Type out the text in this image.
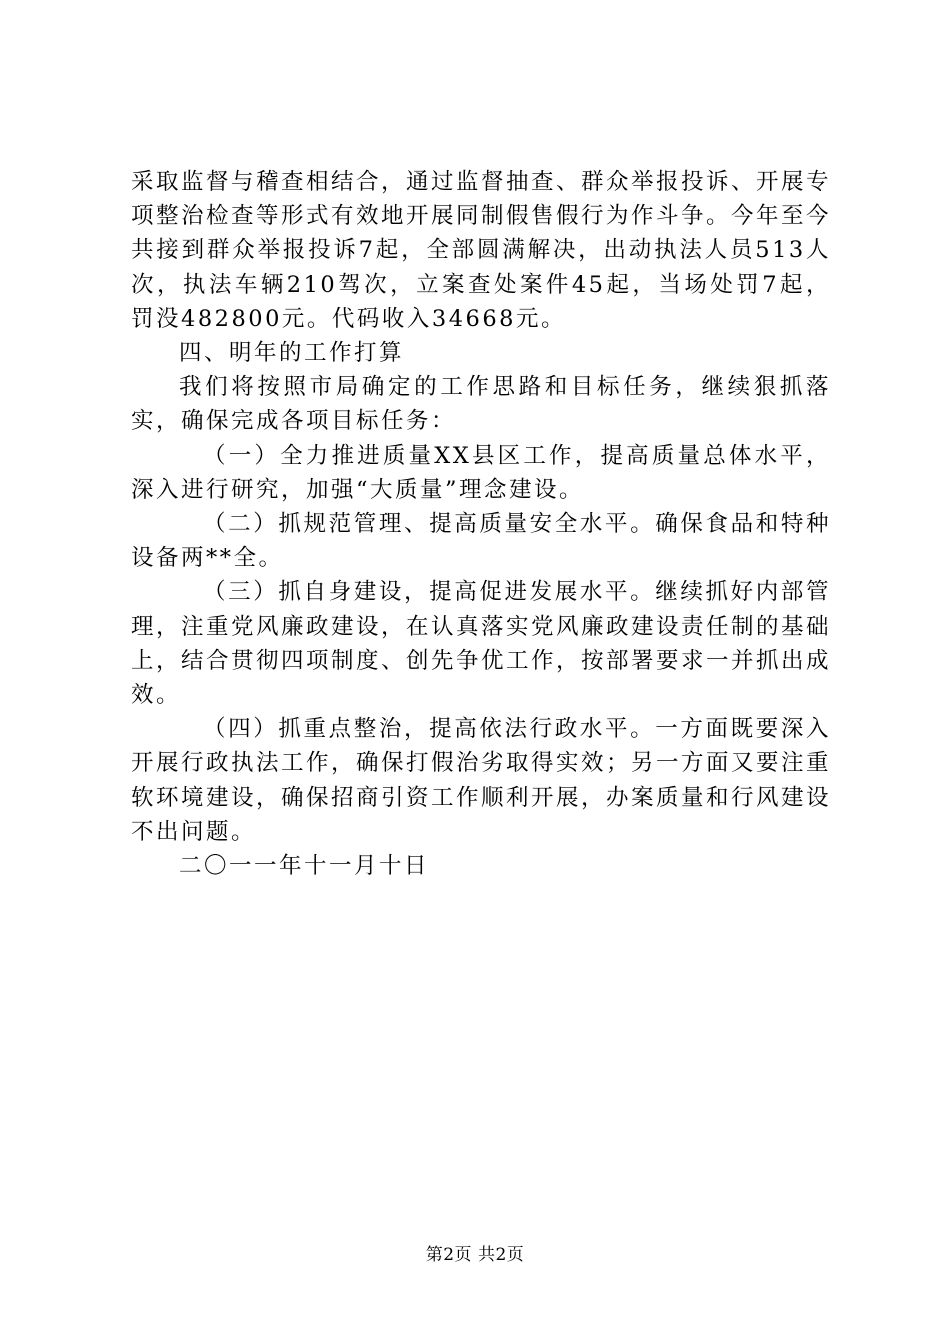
采取监督与稽查相结合，通过监督抽查、群众举报投诉、开展专项整治检查等形式有效地开展同制假售假行为作斗争。今年至今共接到群众举报投诉7起，全部圆满解决，出动执法人员513人次，执法车辆210驾次，立案查处案件45起，当场处罚7起，罚没482800元。代码收入34668元。

四、明年的工作打算

我们将按照市局确定的工作思路和目标任务，继续狠抓落实，确保完成各项目标任务：

（一）全力推进质量XX县区工作，提高质量总体水平，深入进行研究，加强“大质量”理念建设。

（二）抓规范管理、提高质量安全水平。确保食品和特种设备两**全。

（三）抓自身建设，提高促进发展水平。继续抓好内部管理，注重党风廉政建设，在认真落实党风廉政建设责任制的基础上，结合贯彻四项制度、创先争优工作，按部署要求一并抓出成效。

（四）抓重点整治，提高依法行政水平。一方面既要深入开展行政执法工作，确保打假治劣取得实效；另一方面又要注重软环境建设，确保招商引资工作顺利开展，办案质量和行风建设不出问题。

二〇一一年十一月十日

第2页 共2页
